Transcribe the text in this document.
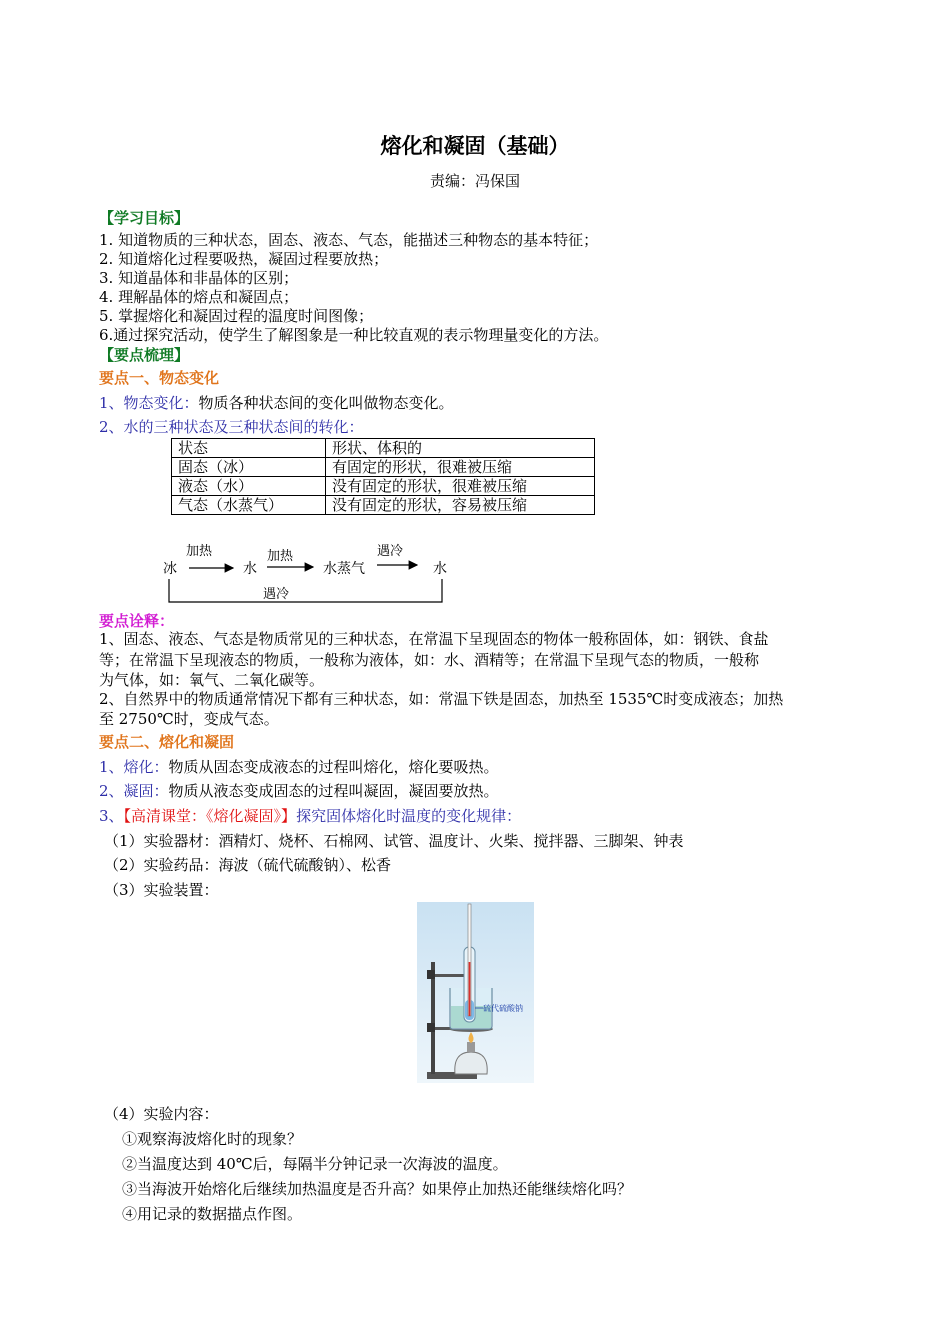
熔化和凝固（基础）
责编：冯保国
【学习目标】
1. 知道物质的三种状态，固态、液态、气态，能描述三种物态的基本特征；
2. 知道熔化过程要吸热，凝固过程要放热；
3. 知道晶体和非晶体的区别；
4. 理解晶体的熔点和凝固点；
5. 掌握熔化和凝固过程的温度时间图像；
6.通过探究活动，使学生了解图象是一种比较直观的表示物理量变化的方法。
【要点梳理】
要点一、物态变化
1、物态变化：物质各种状态间的变化叫做物态变化。
2、水的三种状态及三种状态间的转化：
状态	形状、体积的
固态（冰）	有固定的形状，很难被压缩
液态（水）	没有固定的形状，很难被压缩
气态（水蒸气）	没有固定的形状，容易被压缩
冰	水	水蒸气	水
加热	加热	遇冷
遇冷
要点诠释：
1、固态、液态、气态是物质常见的三种状态，在常温下呈现固态的物体一般称固体，如：钢铁、食盐
等；在常温下呈现液态的物质，一般称为液体，如：水、酒精等；在常温下呈现气态的物质，一般称
为气体，如：氧气、二氧化碳等。
2、自然界中的物质通常情况下都有三种状态，如：常温下铁是固态，加热至 1535℃时变成液态；加热
至 2750℃时，变成气态。
要点二、熔化和凝固
1、熔化：物质从固态变成液态的过程叫熔化，熔化要吸热。
2、凝固：物质从液态变成固态的过程叫凝固，凝固要放热。
3、【高清课堂：《熔化凝固》】探究固体熔化时温度的变化规律：
（1）实验器材：酒精灯、烧杯、石棉网、试管、温度计、火柴、搅拌器、三脚架、钟表
（2）实验药品：海波（硫代硫酸钠）、松香
（3）实验装置：
硫代硫酸钠
（4）实验内容：
①观察海波熔化时的现象？
②当温度达到 40℃后，每隔半分钟记录一次海波的温度。
③当海波开始熔化后继续加热温度是否升高？如果停止加热还能继续熔化吗？
④用记录的数据描点作图。
